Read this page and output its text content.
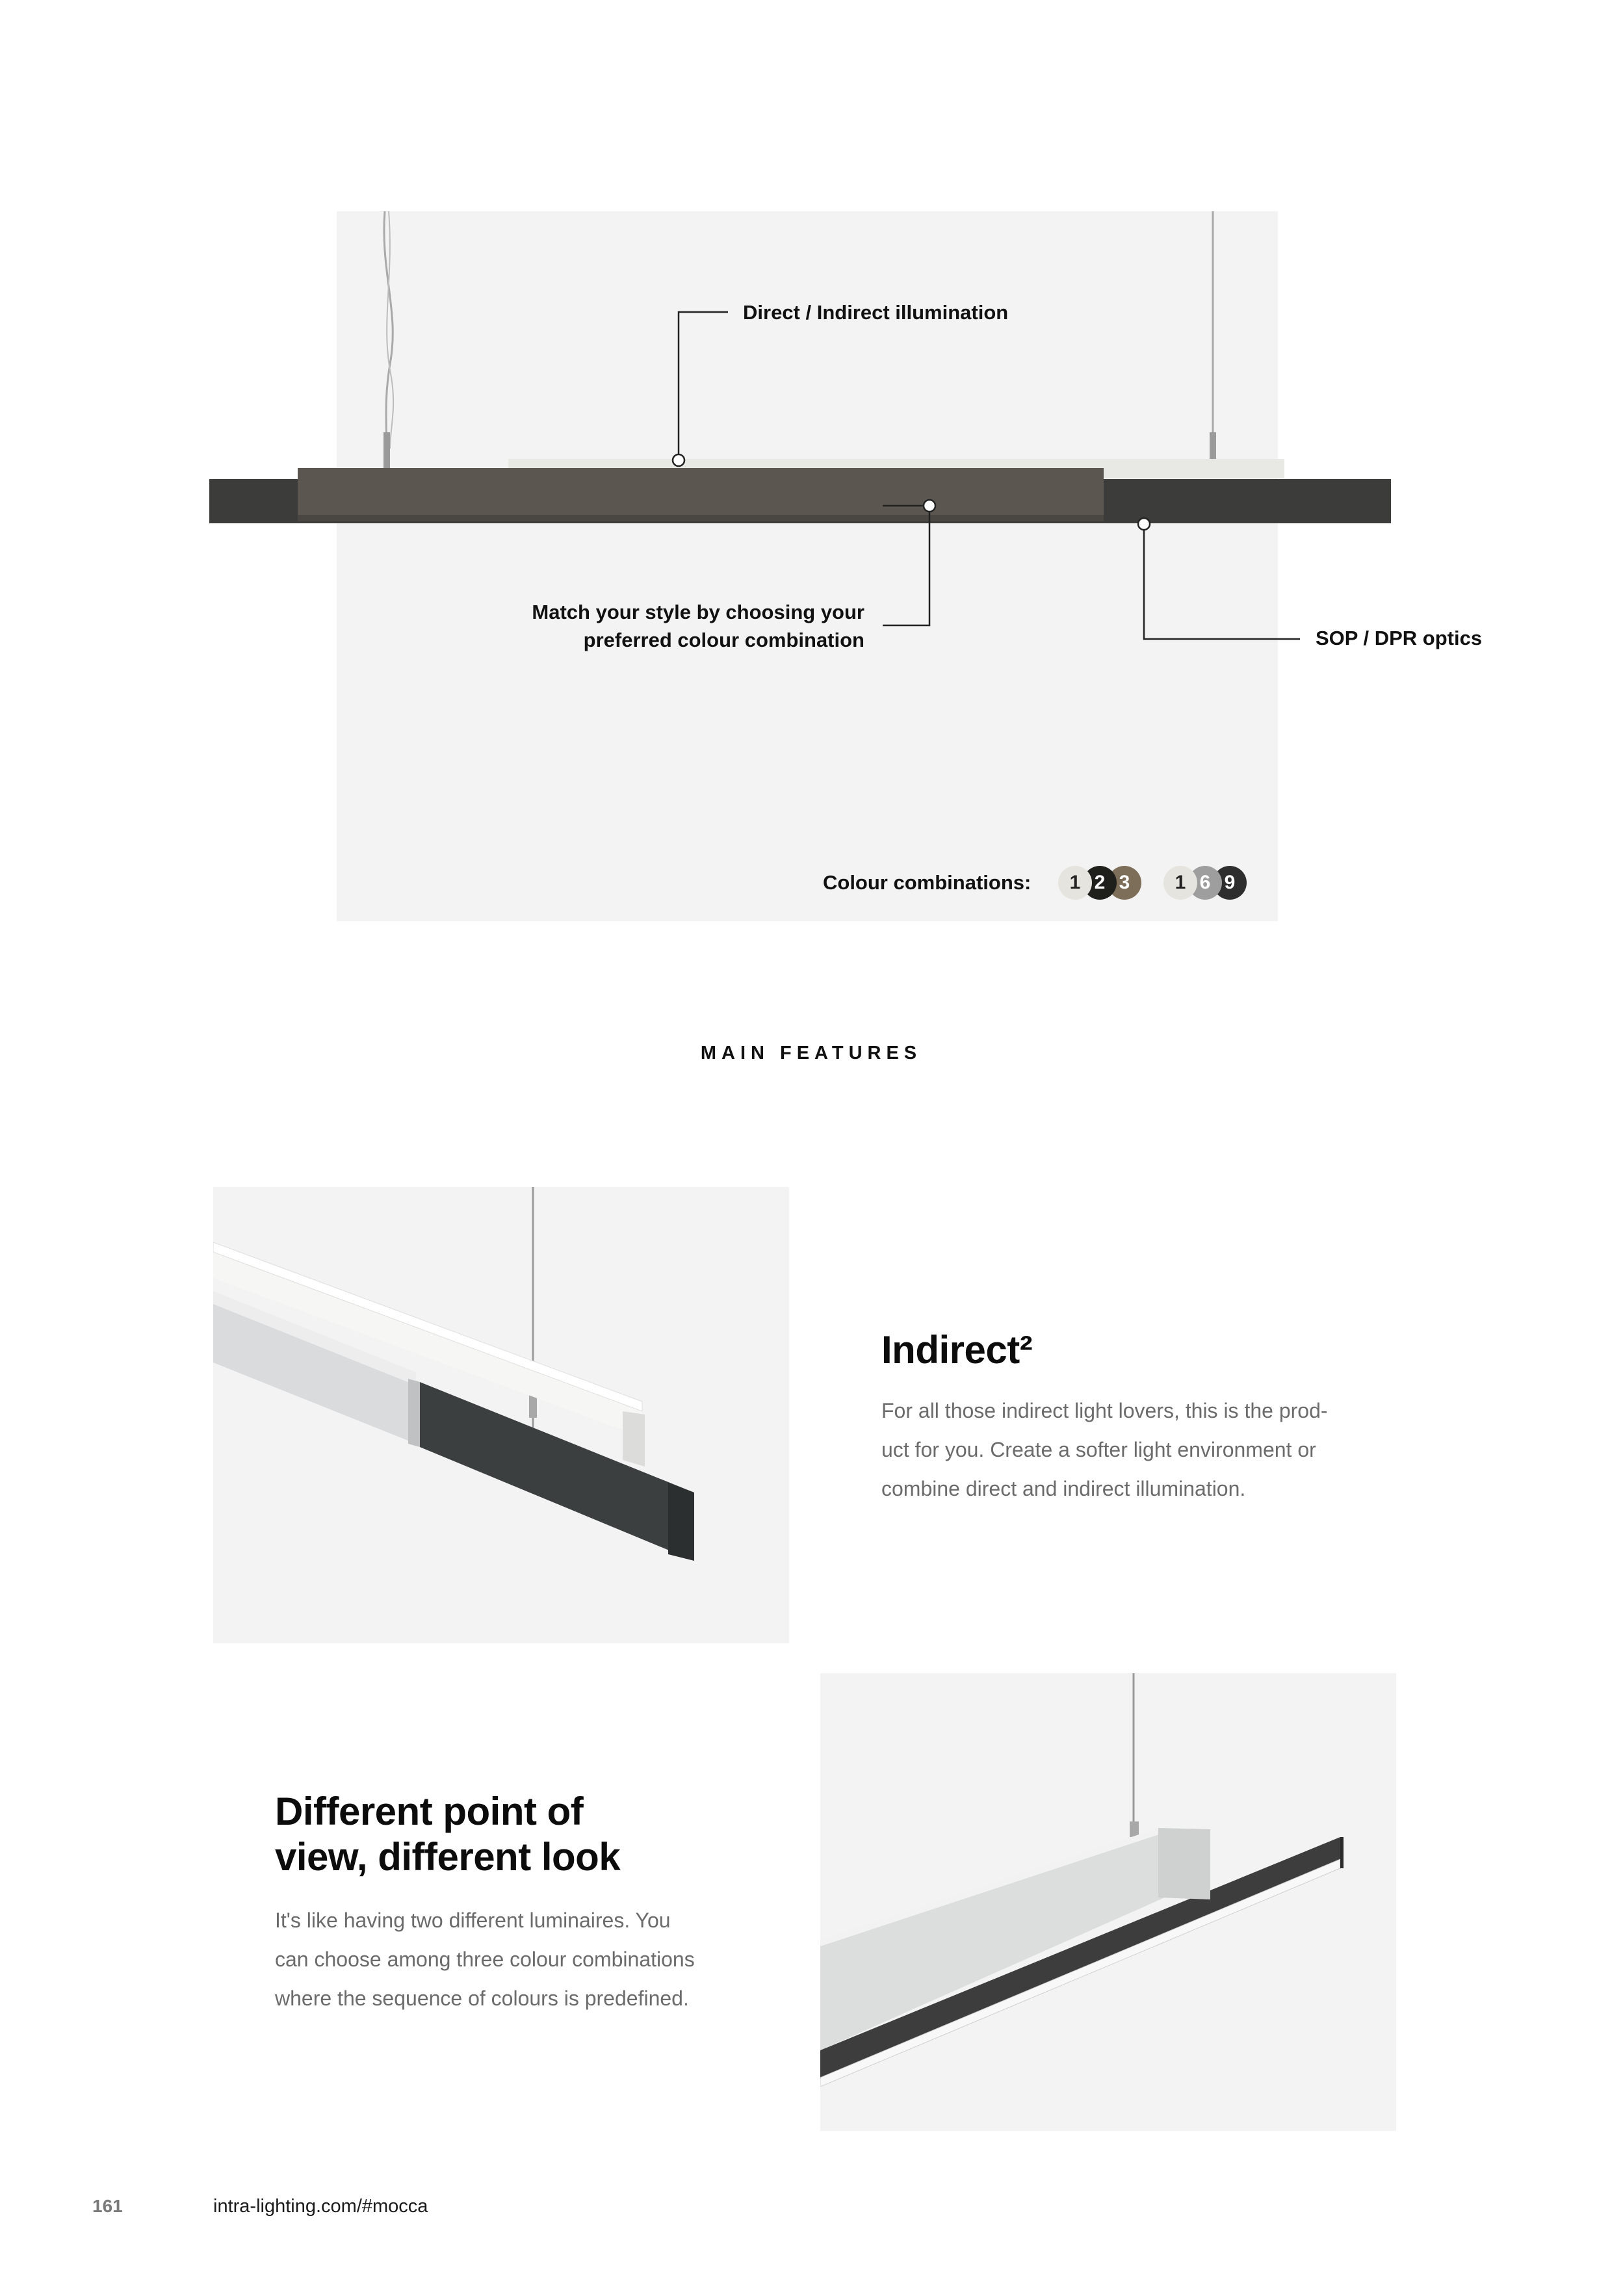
Direct / Indirect illumination
Match your style by choosing your
preferred colour combination	SOP / DPR optics
Colour combinations:	1 2 3	1 6 9
MAIN FEATURES
Indirect²
For all those indirect light lovers, this is the prod-
uct for you. Create a softer light environment or
combine direct and indirect illumination.
Different point of
view, different look
It's like having two different luminaires. You
can choose among three colour combinations
where the sequence of colours is predefined.
161	intra-lighting.com/#mocca
